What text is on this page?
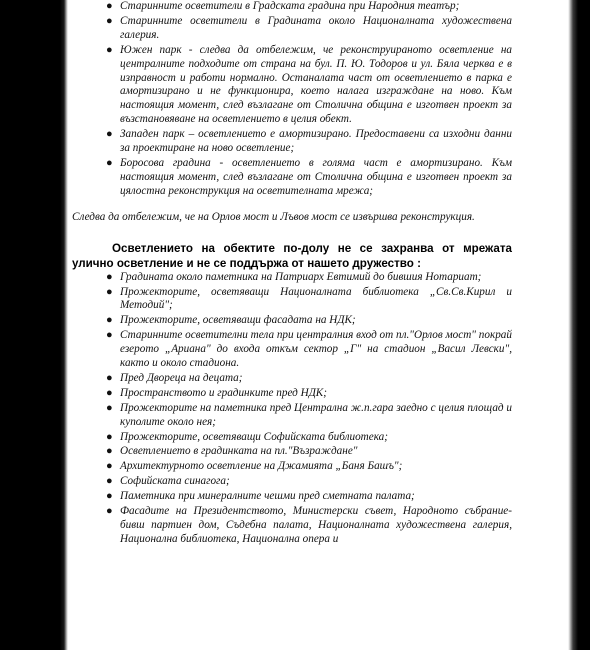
● Старинните осветители в Градската градина при Народния театър;
● Старинните осветители в Градината около Националната художествена галерия.
● Южен парк - следва да отбележим, че реконструираното осветление на централните подходите от страна на бул. П. Ю. Тодоров и ул. Бяла черква е в изправност и работи нормално. Останалата част от осветлението в парка е амортизирано и не функционира, което налага изграждане на ново. Към настоящия момент, след възлагане от Столична община е изготвен проект за възстановяване на осветлението в целия обект.
● Западен парк – осветлението е амортизирано. Предоставени са изходни данни за проектиране на ново осветление;
● Боросова градина - осветлението в голяма част е амортизирано. Към настоящия момент, след възлагане от Столична община е изготвен проект за цялостна реконструкция на осветителната мрежа;

Следва да отбележим, че на Орлов мост и Лъвов мост се извършва реконструкция.

Осветлението на обектите по-долу не се захранва от мрежата улично осветление и не се поддържа от нашето дружество :

● Градината около паметника на Патриарх Евтимий до бившия Нотариат;
● Прожекторите, осветяващи Националната библиотека „Св.Св.Кирил и Методий";
● Прожекторите, осветяващи фасадата на НДК;
● Старинните осветителни тела при централния вход от пл."Орлов мост" покрай езерото „Ариана" до входа откъм сектор „Г" на стадион „Васил Левски", както и около стадиона.
● Пред Двореца на децата;
● Пространството и градинките пред НДК;
● Прожекторите на паметника пред Централна ж.п.гара заедно с целия площад и куполите около нея;
● Прожекторите, осветяващи Софийската библиотека;
● Осветлението в градинката на пл."Възраждане"
● Архитектурното осветление на Джамията „Баня Башъ";
● Софийската синагога;
● Паметника при минералните чешми пред сметната палата;
● Фасадите на Президентството, Министерски съвет, Народното събрание-бивш партиен дом, Съдебна палата, Националната художествена галерия, Национална библиотека, Национална опера и
